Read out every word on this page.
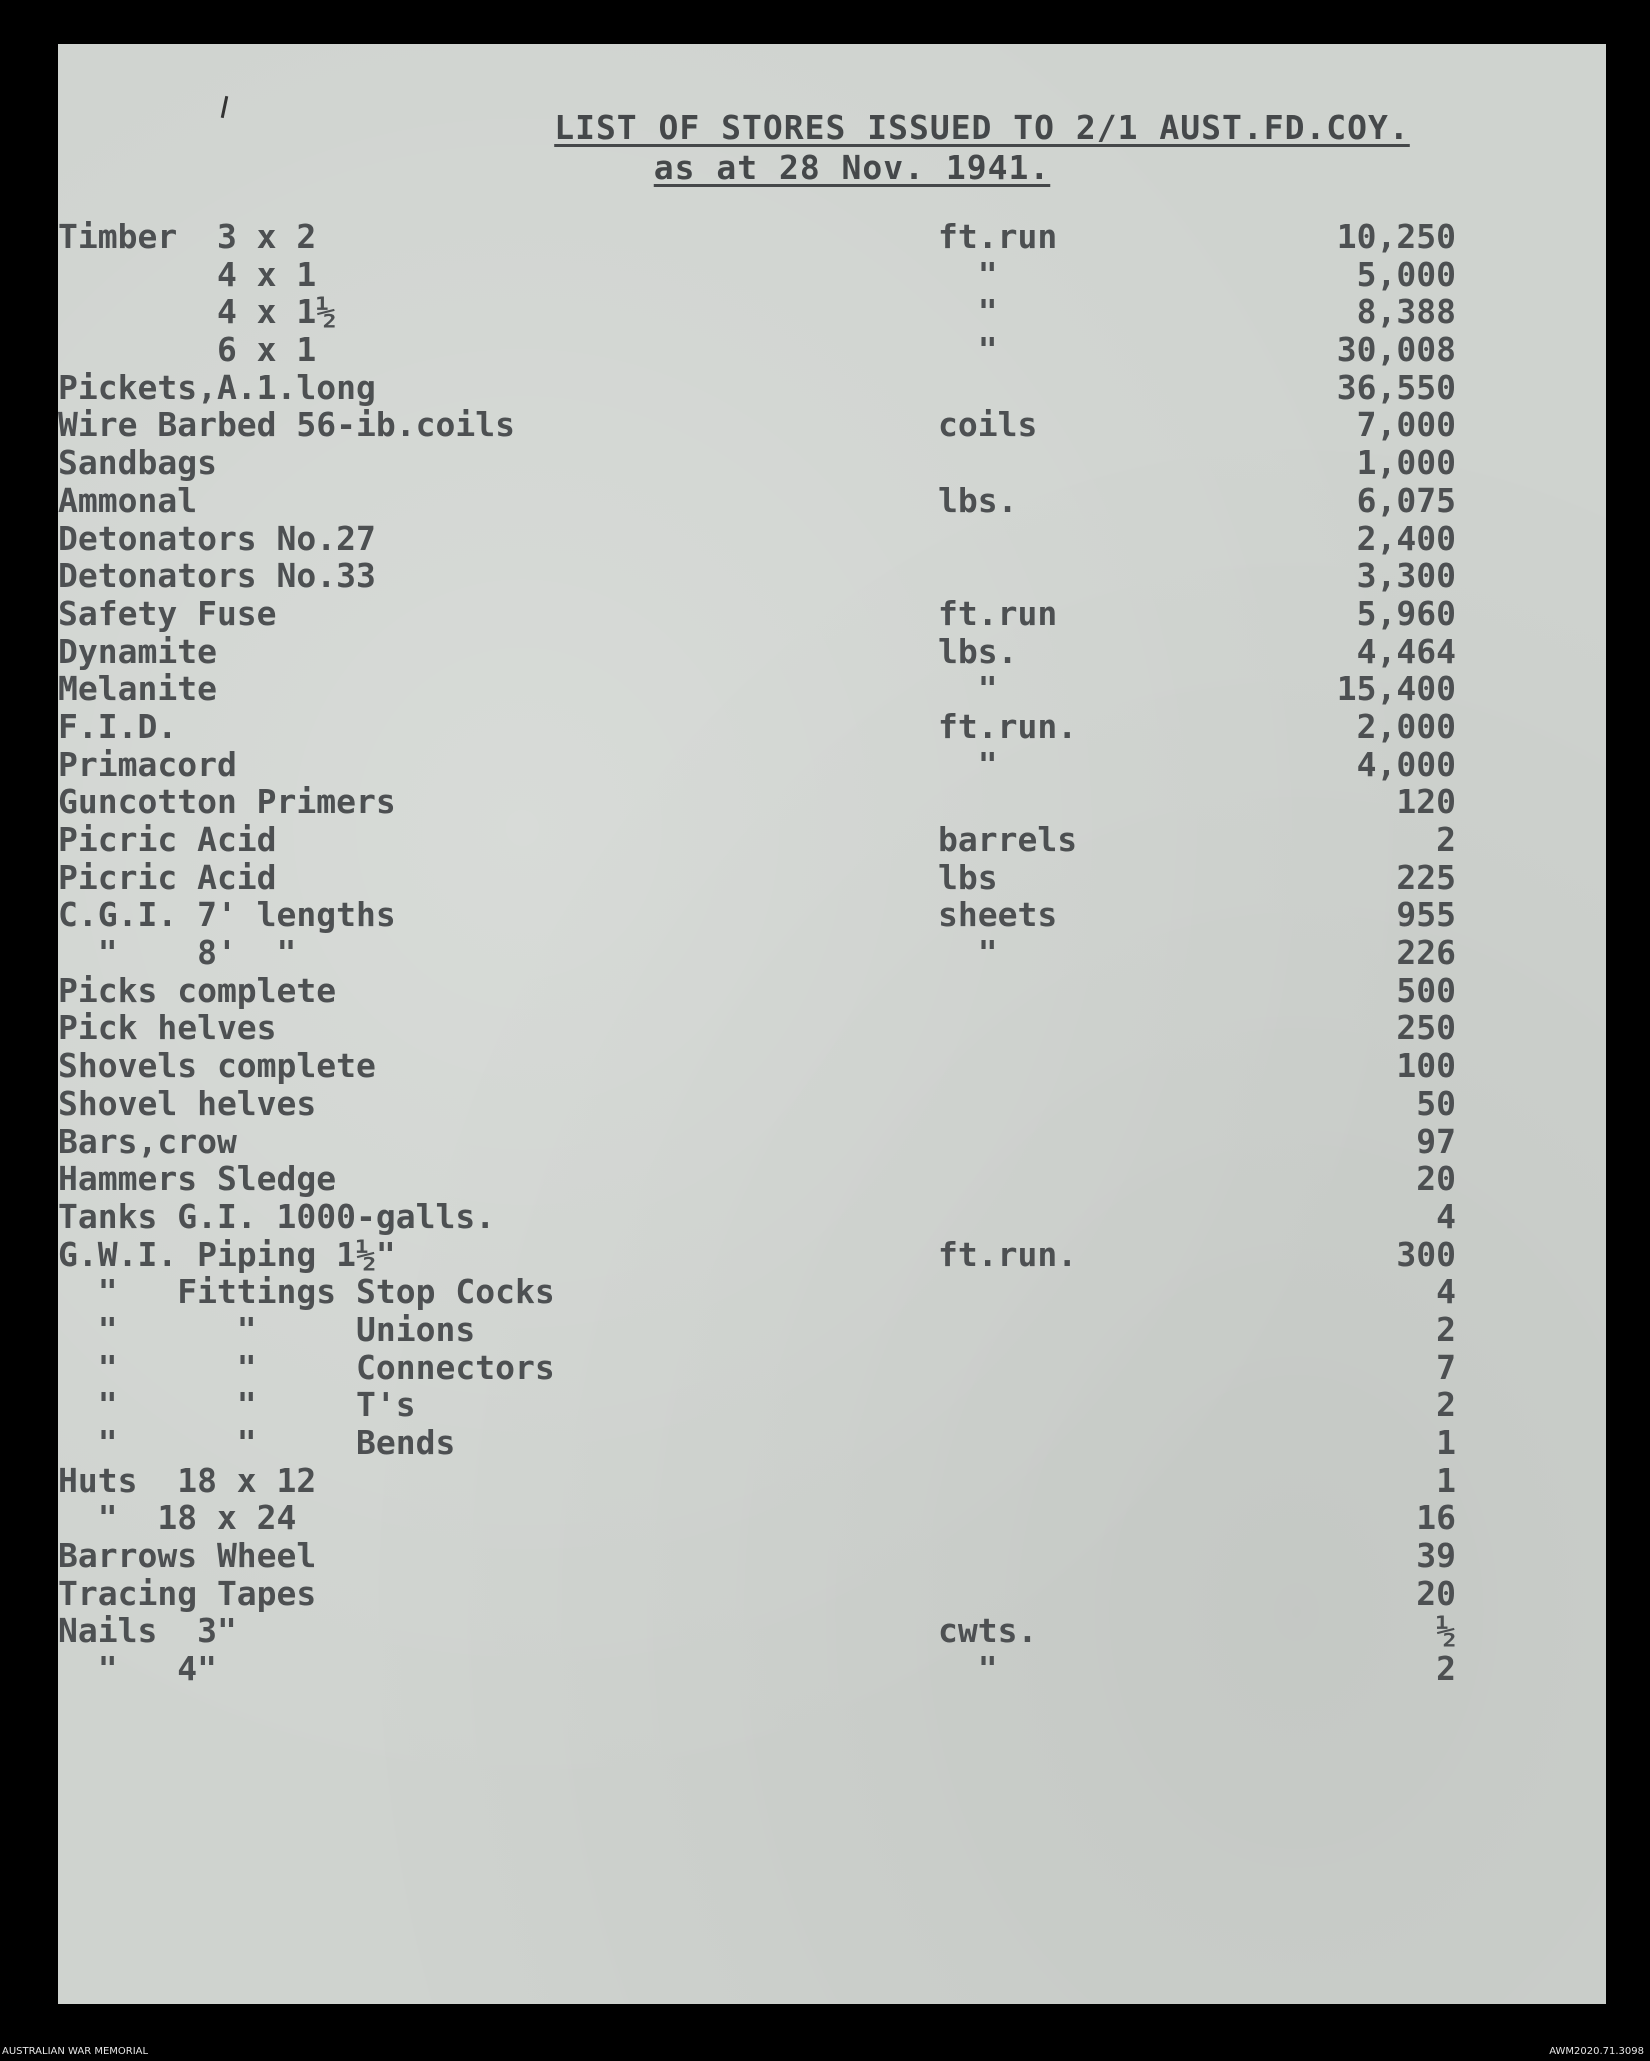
LIST OF STORES ISSUED TO 2/1 AUST.FD.COY.
as at 28 Nov. 1941.
Timber  3 x 2	ft.run	10,250
4 x 1	"	5,000
4 x 1½	"	8,388
6 x 1	"	30,008
Pickets,A.1.long	36,550
Wire Barbed 56-ib.coils	coils	7,000
Sandbags	1,000
Ammonal	lbs.	6,075
Detonators No.27	2,400
Detonators No.33	3,300
Safety Fuse	ft.run	5,960
Dynamite	lbs.	4,464
Melanite	"	15,400
F.I.D.	ft.run.	2,000
Primacord	"	4,000
Guncotton Primers	120
Picric Acid	barrels	2
Picric Acid	lbs	225
C.G.I. 7' lengths	sheets	955
"    8'  "	"	226
Picks complete	500
Pick helves	250
Shovels complete	100
Shovel helves	50
Bars,crow	97
Hammers Sledge	20
Tanks G.I. 1000-galls.	4
G.W.I. Piping 1½"	ft.run.	300
"   Fittings Stop Cocks	4
"      "     Unions	2
"      "     Connectors	7
"      "     T's	2
"      "     Bends	1
Huts  18 x 12	1
"  18 x 24	16
Barrows Wheel	39
Tracing Tapes	20
Nails  3"	cwts.	½
"   4"	"	2
AUSTRALIAN WAR MEMORIAL	AWM2020.71.3098
